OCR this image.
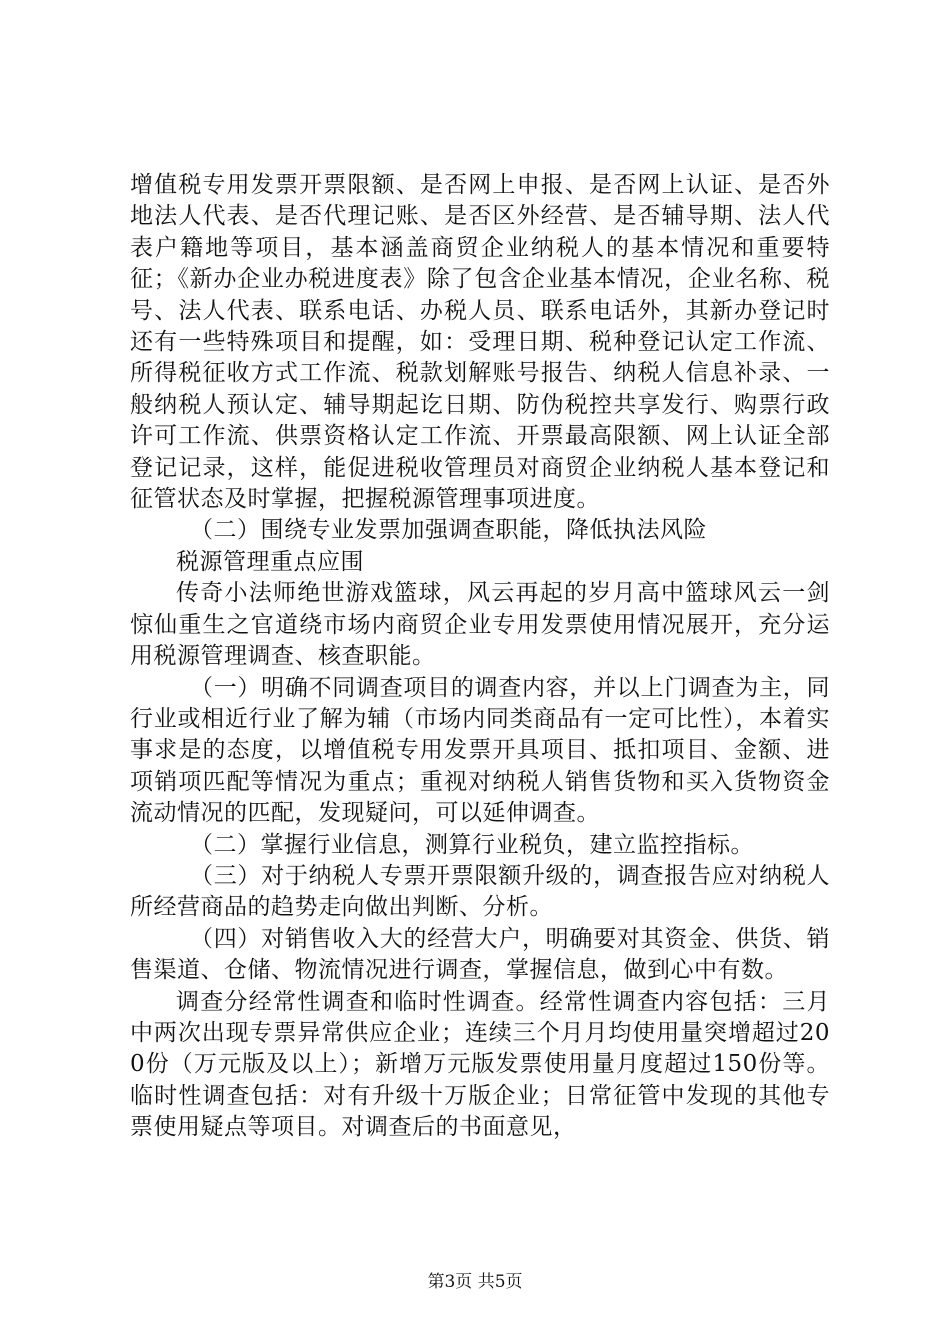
增值税专用发票开票限额、是否网上申报、是否网上认证、是否外地法人代表、是否代理记账、是否区外经营、是否辅导期、法人代表户籍地等项目，基本涵盖商贸企业纳税人的基本情况和重要特征；《新办企业办税进度表》除了包含企业基本情况，企业名称、税号、法人代表、联系电话、办税人员、联系电话外，其新办登记时还有一些特殊项目和提醒，如：受理日期、税种登记认定工作流、所得税征收方式工作流、税款划解账号报告、纳税人信息补录、一般纳税人预认定、辅导期起讫日期、防伪税控共享发行、购票行政许可工作流、供票资格认定工作流、开票最高限额、网上认证全部登记记录，这样，能促进税收管理员对商贸企业纳税人基本登记和征管状态及时掌握，把握税源管理事项进度。

（二）围绕专业发票加强调查职能，降低执法风险

税源管理重点应围

传奇小法师绝世游戏篮球，风云再起的岁月高中篮球风云一剑惊仙重生之官道绕市场内商贸企业专用发票使用情况展开，充分运用税源管理调查、核查职能。

（一）明确不同调查项目的调查内容，并以上门调查为主，同行业或相近行业了解为辅（市场内同类商品有一定可比性），本着实事求是的态度，以增值税专用发票开具项目、抵扣项目、金额、进项销项匹配等情况为重点；重视对纳税人销售货物和买入货物资金流动情况的匹配，发现疑问，可以延伸调查。

（二）掌握行业信息，测算行业税负，建立监控指标。

（三）对于纳税人专票开票限额升级的，调查报告应对纳税人所经营商品的趋势走向做出判断、分析。

（四）对销售收入大的经营大户，明确要对其资金、供货、销售渠道、仓储、物流情况进行调查，掌握信息，做到心中有数。

调查分经常性调查和临时性调查。经常性调查内容包括：三月中两次出现专票异常供应企业；连续三个月月均使用量突增超过200份（万元版及以上）；新增万元版发票使用量月度超过150份等。临时性调查包括：对有升级十万版企业；日常征管中发现的其他专票使用疑点等项目。对调查后的书面意见，

第3页 共5页
